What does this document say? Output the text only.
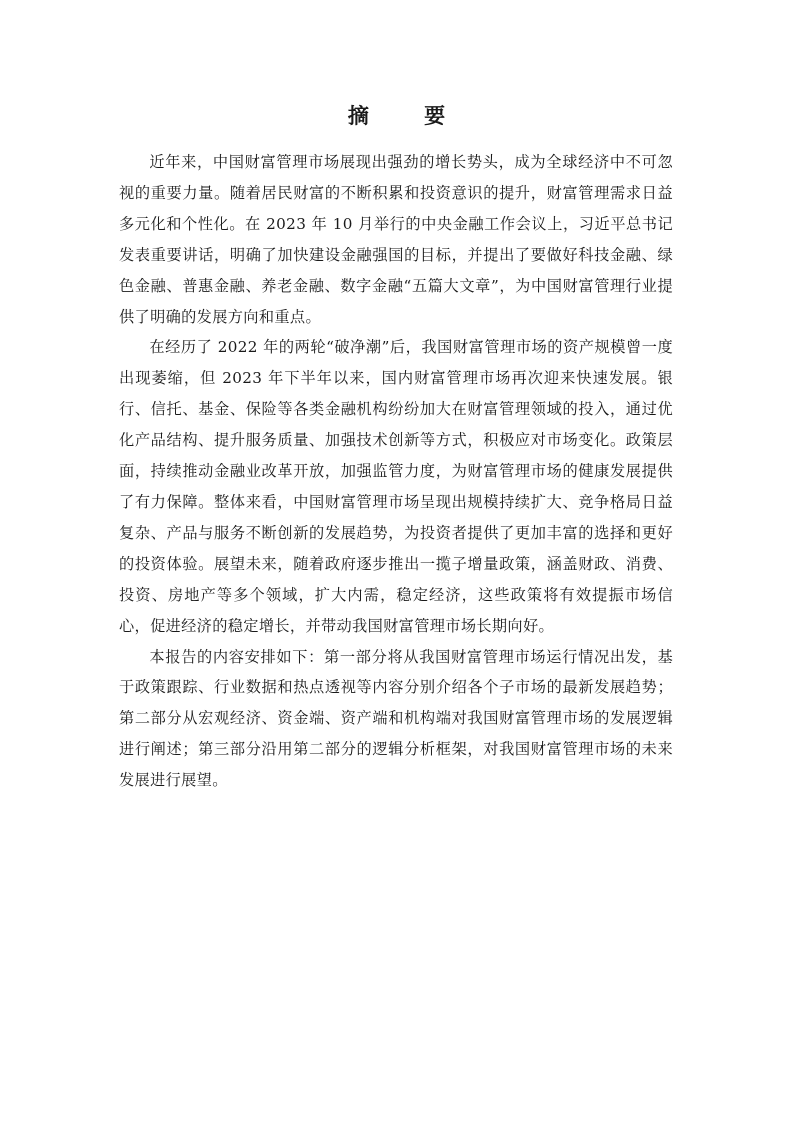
摘 要

近年来，中国财富管理市场展现出强劲的增长势头，成为全球经济中不可忽视的重要力量。随着居民财富的不断积累和投资意识的提升，财富管理需求日益多元化和个性化。在 2023 年 10 月举行的中央金融工作会议上，习近平总书记发表重要讲话，明确了加快建设金融强国的目标，并提出了要做好科技金融、绿色金融、普惠金融、养老金融、数字金融“五篇大文章”，为中国财富管理行业提供了明确的发展方向和重点。

在经历了 2022 年的两轮“破净潮”后，我国财富管理市场的资产规模曾一度出现萎缩，但 2023 年下半年以来，国内财富管理市场再次迎来快速发展。银行、信托、基金、保险等各类金融机构纷纷加大在财富管理领域的投入，通过优化产品结构、提升服务质量、加强技术创新等方式，积极应对市场变化。政策层面，持续推动金融业改革开放，加强监管力度，为财富管理市场的健康发展提供了有力保障。整体来看，中国财富管理市场呈现出规模持续扩大、竞争格局日益复杂、产品与服务不断创新的发展趋势，为投资者提供了更加丰富的选择和更好的投资体验。展望未来，随着政府逐步推出一揽子增量政策，涵盖财政、消费、投资、房地产等多个领域，扩大内需，稳定经济，这些政策将有效提振市场信心，促进经济的稳定增长，并带动我国财富管理市场长期向好。

本报告的内容安排如下：第一部分将从我国财富管理市场运行情况出发，基于政策跟踪、行业数据和热点透视等内容分别介绍各个子市场的最新发展趋势；第二部分从宏观经济、资金端、资产端和机构端对我国财富管理市场的发展逻辑进行阐述；第三部分沿用第二部分的逻辑分析框架，对我国财富管理市场的未来发展进行展望。
